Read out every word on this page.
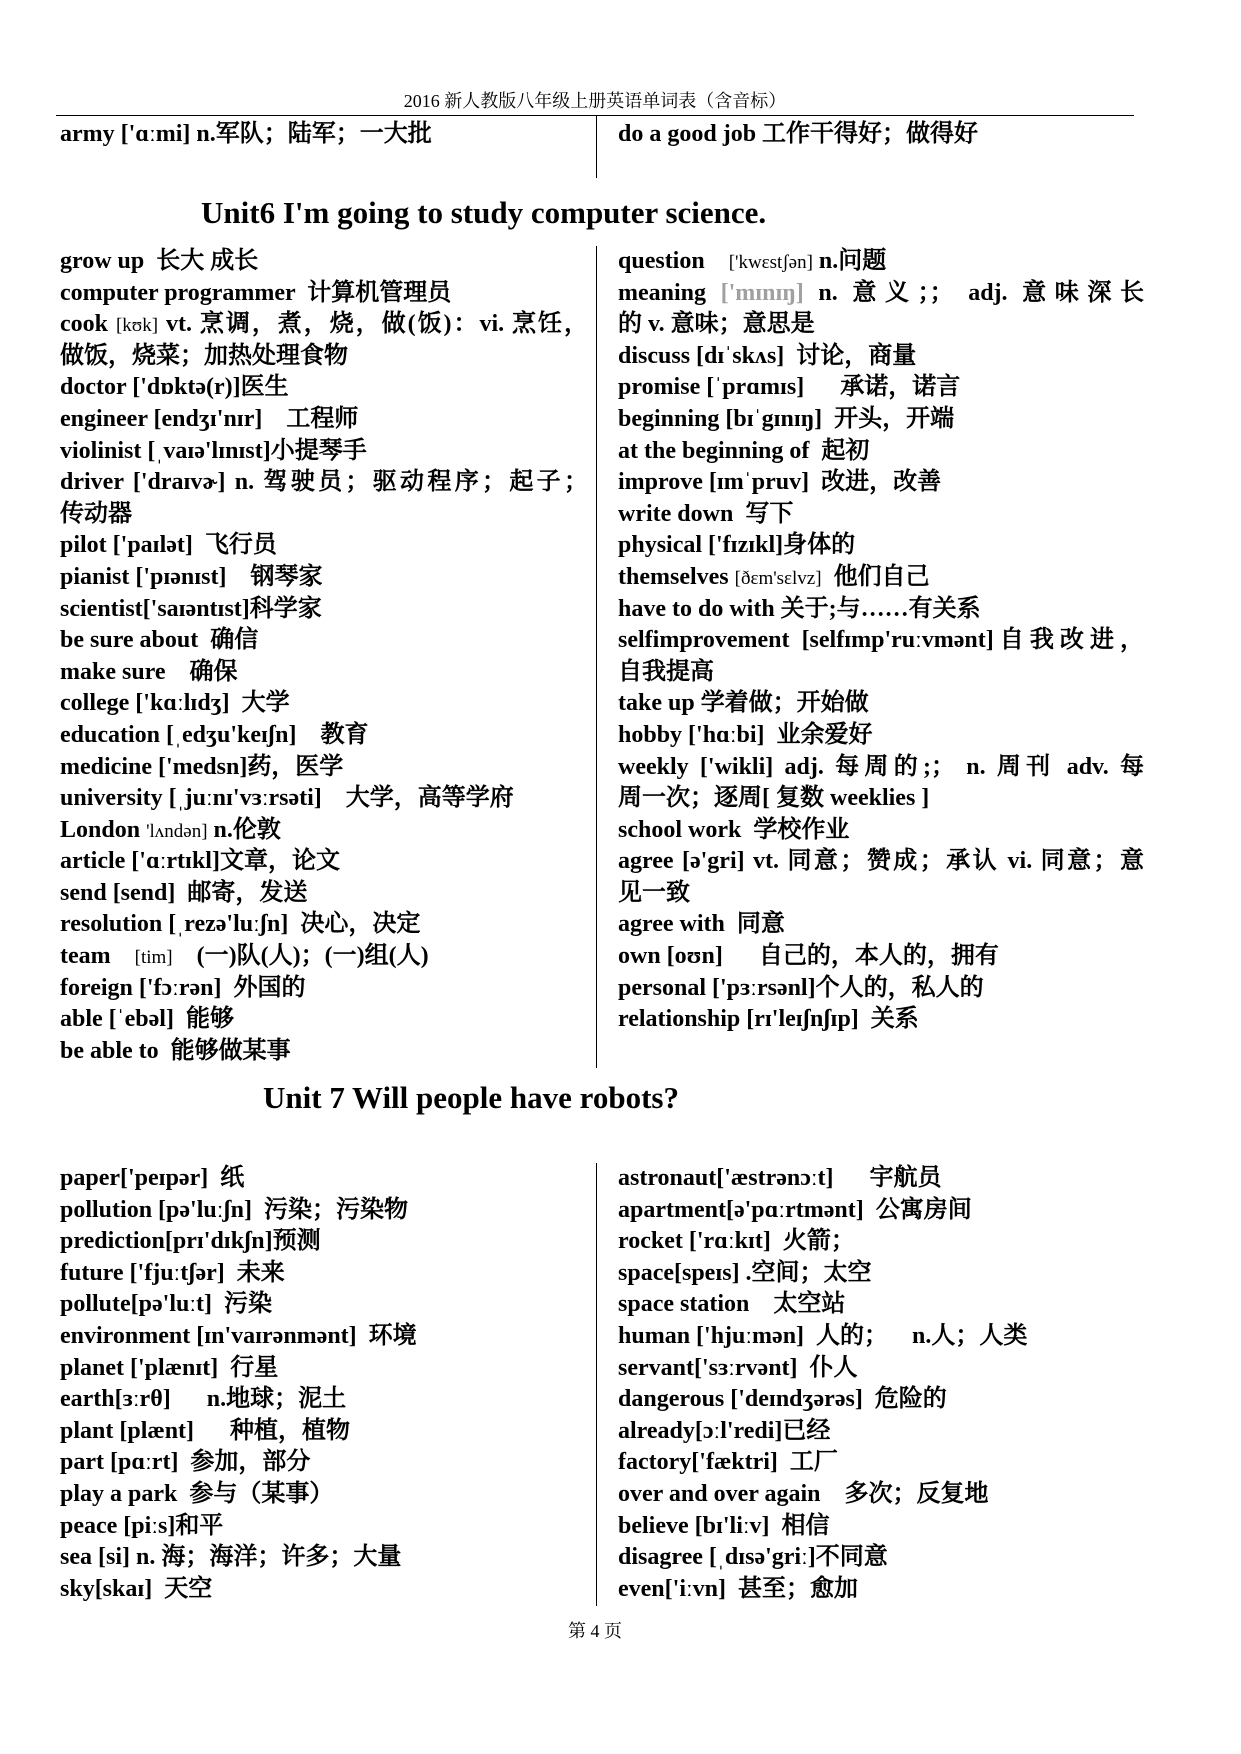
2016 新人教版八年级上册英语单词表（含音标）
army ['ɑːmi] n.军队；陆军；一大批	do a good job 工作干得好；做得好
Unit6 I'm going to study computer science.
grow up  长大 成长
computer programmer  计算机管理员
cook [kʊk] vt. 烹调，煮，烧，做(饭)：vi. 烹饪，
做饭，烧菜；加热处理食物
doctor ['dɒktə(r)]医生
engineer [endʒɪ'nɪr]    工程师
violinist [ˌvaɪə'lɪnɪst]小提琴手
driver ['draɪvɚ] n. 驾驶员；驱动程序；起子；
传动器
pilot ['paɪlət]  飞行员
pianist ['pɪənɪst]    钢琴家
scientist['saɪəntɪst]科学家
be sure about  确信
make sure    确保
college ['kɑːlɪdʒ]  大学
education [ˌedʒu'keɪʃn]    教育
medicine ['medsn]药，医学
university [ˌjuːnɪ'vɜːrsəti]    大学，高等学府
London 'lʌndən] n.伦敦
article ['ɑːrtɪkl]文章，论文
send [send]  邮寄，发送
resolution [ˌrezə'luːʃn]  决心，决定
team    [tim]    (一)队(人)；(一)组(人)
foreign ['fɔːrən]  外国的
able [ˈebəl]  能够
be able to  能够做某事
question    ['kwɛstʃən] n.问题
meaning ['mɪnɪŋ] n. 意义；； adj. 意味深长
的 v. 意味；意思是
discuss [dɪˈskʌs]  讨论，商量
promise [ˈprɑmɪs]      承诺，诺言
beginning [bɪˈgɪnɪŋ]  开头，开端
at the beginning of  起初
improve [ɪmˈpruv]  改进，改善
write down  写下
physical ['fɪzɪkl]身体的
themselves [ðɛm'sɛlvz]  他们自己
have to do with 关于;与……有关系
selfimprovement [selfɪmp'ruːvmənt]自我改进，
自我提高
take up 学着做；开始做
hobby ['hɑːbi]  业余爱好
weekly ['wikli] adj. 每周的;； n. 周刊 adv. 每
周一次；逐周[ 复数 weeklies ]
school work  学校作业
agree [ə'gri] vt. 同意；赞成；承认 vi. 同意；意
见一致
agree with  同意
own [oʊn]      自己的，本人的，拥有
personal ['pɜːrsənl]个人的，私人的
relationship [rɪ'leɪʃnʃɪp]  关系
Unit 7 Will people have robots?
paper['peɪpər]  纸
pollution [pə'luːʃn]  污染；污染物
prediction[prɪ'dɪkʃn]预测
future ['fjuːtʃər]  未来
pollute[pə'luːt]  污染
environment [ɪn'vaɪrənmənt]  环境
planet ['plænɪt]  行星
earth[ɜːrθ]      n.地球；泥土
plant [plænt]      种植，植物
part [pɑːrt]  参加，部分
play a park  参与（某事）
peace [piːs]和平
sea [si] n. 海；海洋；许多；大量
sky[skaɪ]  天空
astronaut['æstrənɔːt]      宇航员
apartment[ə'pɑːrtmənt]  公寓房间
rocket ['rɑːkɪt]  火箭；
space[speɪs] .空间；太空
space station    太空站
human ['hjuːmən]  人的；    n.人；人类
servant['sɜːrvənt]  仆人
dangerous ['deɪndʒərəs]  危险的
already[ɔːl'redi]已经
factory['fæktri]  工厂
over and over again    多次；反复地
believe [bɪ'liːv]  相信
disagree [ˌdɪsə'griː]不同意
even['iːvn]  甚至；愈加
第 4 页
